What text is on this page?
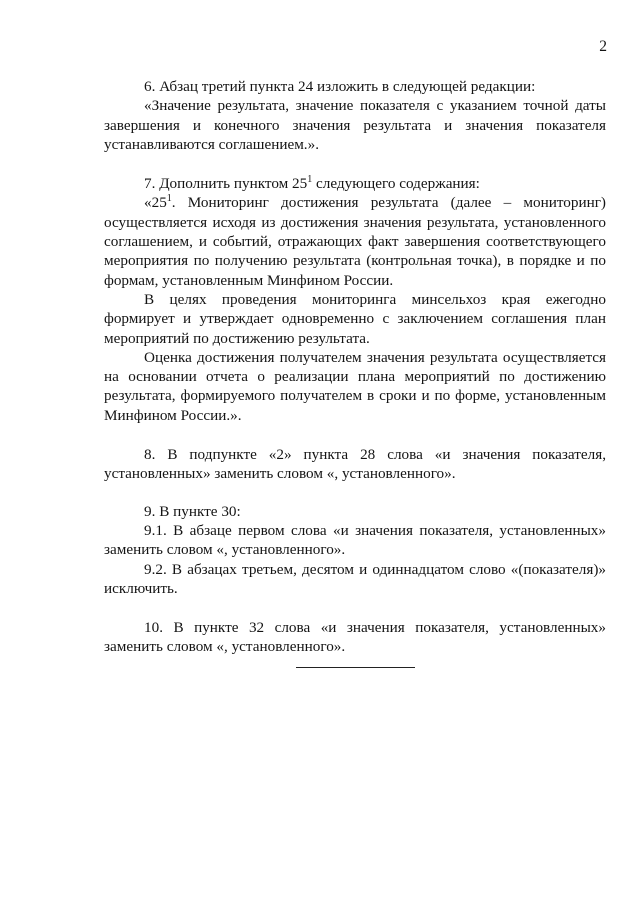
2

6. Абзац третий пункта 24 изложить в следующей редакции:

«Значение результата, значение показателя с указанием точной даты завершения и конечного значения результата и значения показателя устанавливаются соглашением.».

7. Дополнить пунктом $25^1$ следующего содержания:

«$25^1$. Мониторинг достижения результата (далее – мониторинг) осуществляется исходя из достижения значения результата, установленного соглашением, и событий, отражающих факт завершения соответствующего мероприятия по получению результата (контрольная точка), в порядке и по формам, установленным Минфином России.

В целях проведения мониторинга минсельхоз края ежегодно формирует и утверждает одновременно с заключением соглашения план мероприятий по достижению результата.

Оценка достижения получателем значения результата осуществляется на основании отчета о реализации плана мероприятий по достижению результата, формируемого получателем в сроки и по форме, установленным Минфином России.».

8. В подпункте «2» пункта 28 слова «и значения показателя, установленных» заменить словом «, установленного».

9. В пункте 30:

9.1. В абзаце первом слова «и значения показателя, установленных» заменить словом «, установленного».

9.2. В абзацах третьем, десятом и одиннадцатом слово «(показателя)» исключить.

10. В пункте 32 слова «и значения показателя, установленных» заменить словом «, установленного».
